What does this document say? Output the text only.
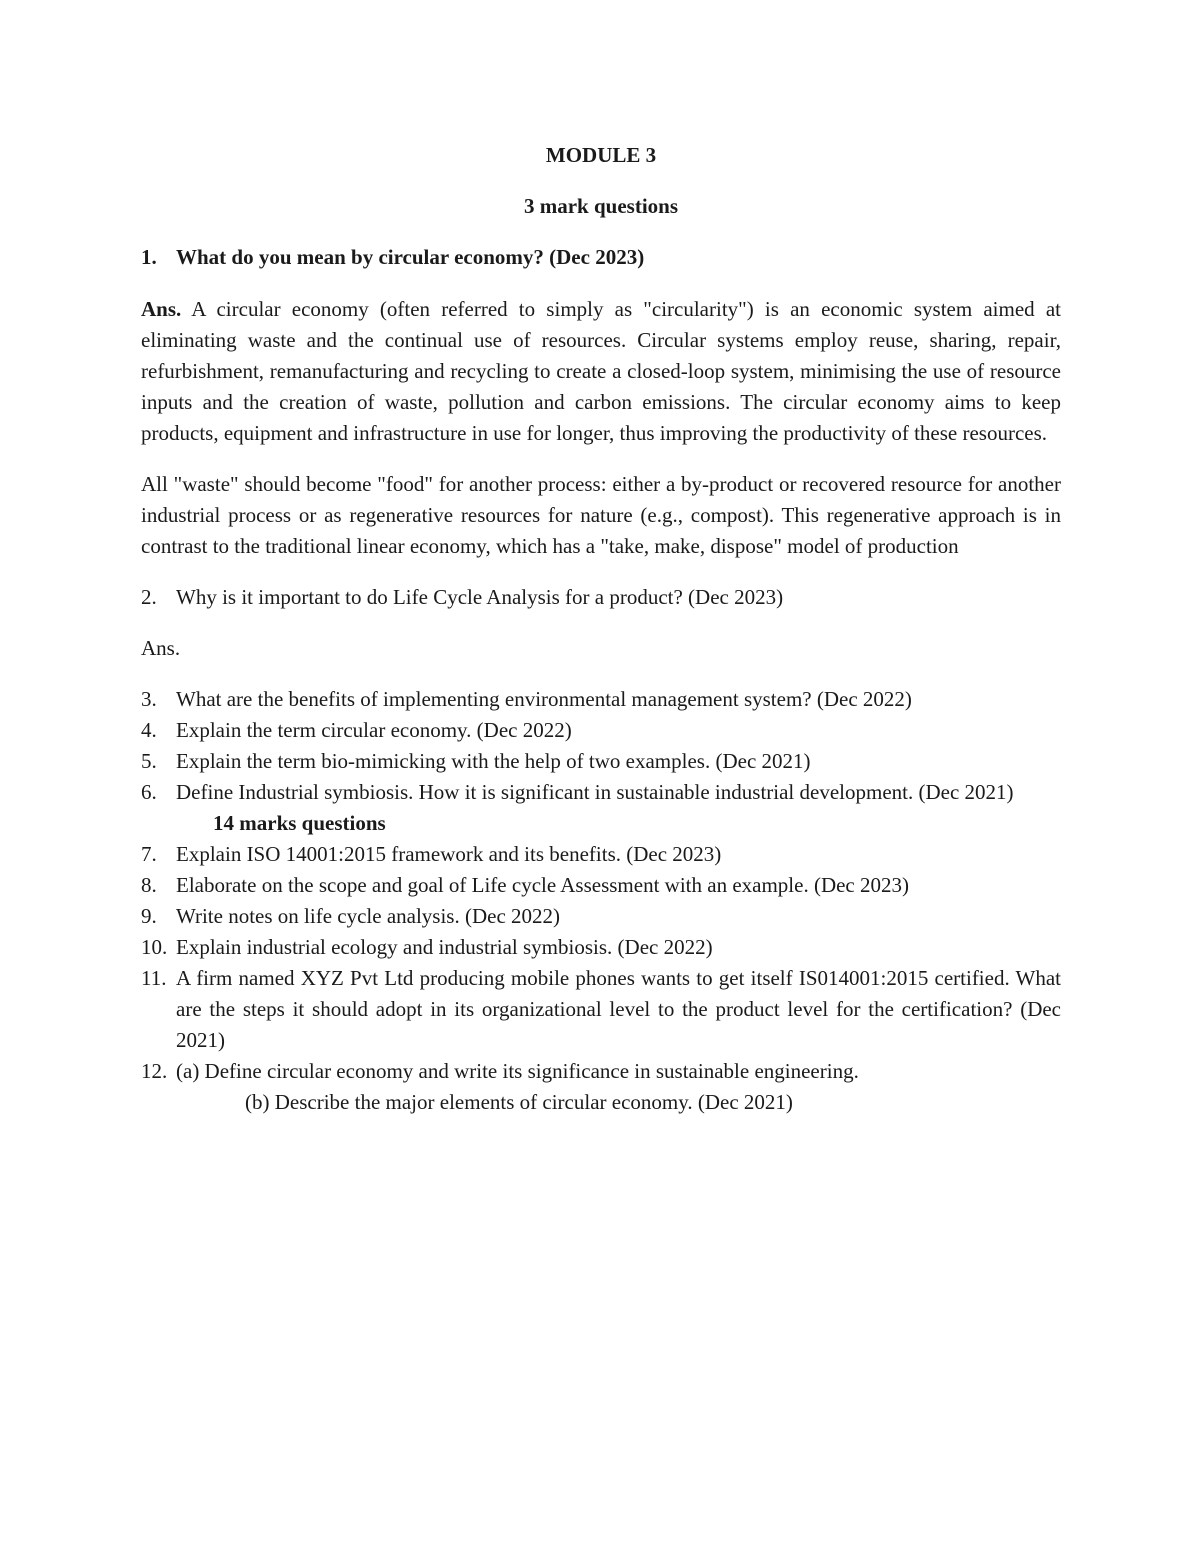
MODULE 3
3 mark questions
1. What do you mean by circular economy? (Dec 2023)

Ans. A circular economy (often referred to simply as "circularity") is an economic system aimed at eliminating waste and the continual use of resources. Circular systems employ reuse, sharing, repair, refurbishment, remanufacturing and recycling to create a closed-loop system, minimising the use of resource inputs and the creation of waste, pollution and carbon emissions. The circular economy aims to keep products, equipment and infrastructure in use for longer, thus improving the productivity of these resources.

All "waste" should become "food" for another process: either a by-product or recovered resource for another industrial process or as regenerative resources for nature (e.g., compost). This regenerative approach is in contrast to the traditional linear economy, which has a "take, make, dispose" model of production

2. Why is it important to do Life Cycle Analysis for a product? (Dec 2023)
Ans.
3. What are the benefits of implementing environmental management system? (Dec 2022)
4. Explain the term circular economy. (Dec 2022)
5. Explain the term bio-mimicking with the help of two examples. (Dec 2021)
6. Define Industrial symbiosis. How it is significant in sustainable industrial development. (Dec 2021)
14 marks questions
7. Explain ISO 14001:2015 framework and its benefits. (Dec 2023)
8. Elaborate on the scope and goal of Life cycle Assessment with an example. (Dec 2023)
9. Write notes on life cycle analysis. (Dec 2022)
10. Explain industrial ecology and industrial symbiosis. (Dec 2022)
11. A firm named XYZ Pvt Ltd producing mobile phones wants to get itself IS014001:2015 certified. What are the steps it should adopt in its organizational level to the product level for the certification? (Dec 2021)
12. (a) Define circular economy and write its significance in sustainable engineering.
(b) Describe the major elements of circular economy. (Dec 2021)
